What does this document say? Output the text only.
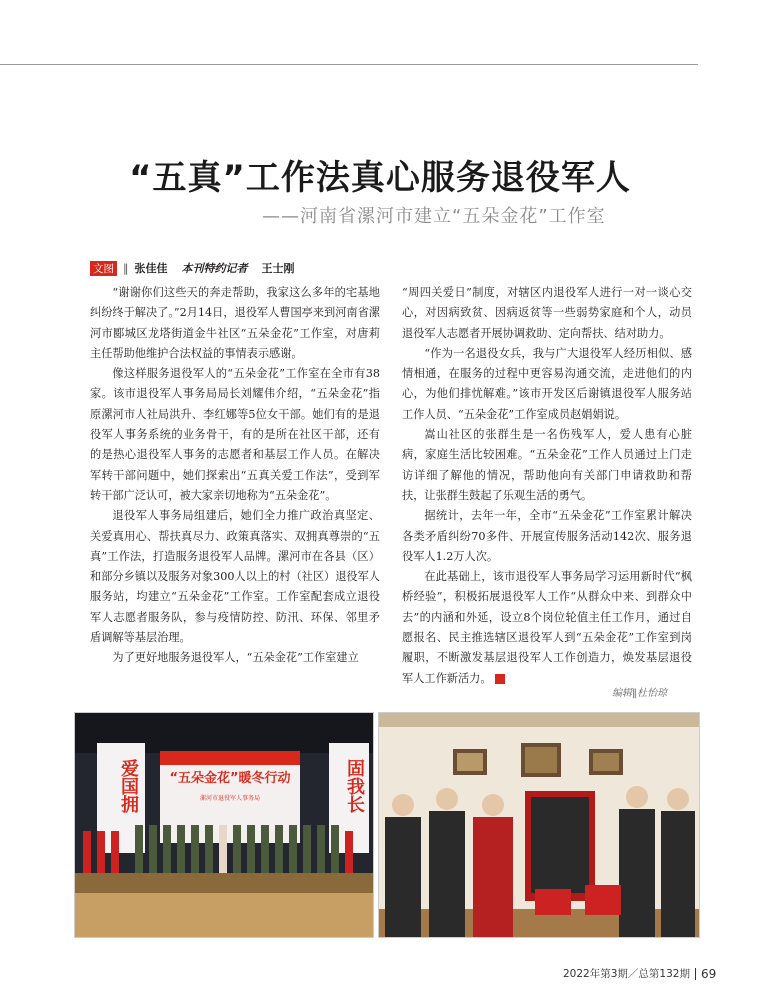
“五真”工作法真心服务退役军人
——河南省漯河市建立“五朵金花”工作室
文图 ‖ 张佳佳 本刊特约记者 王士刚

“谢谢你们这些天的奔走帮助，我家这么多年的宅基地纠纷终于解决了。”2月14日，退役军人曹国亭来到河南省漯河市郾城区龙塔街道金牛社区“五朵金花”工作室，对唐莉主任帮助他维护合法权益的事情表示感谢。

像这样服务退役军人的“五朵金花”工作室在全市有38家。该市退役军人事务局局长刘耀伟介绍，“五朵金花”指原漯河市人社局洪升、李红娜等5位女干部。她们有的是退役军人事务系统的业务骨干，有的是所在社区干部，还有的是热心退役军人事务的志愿者和基层工作人员。在解决军转干部问题中，她们探索出“五真关爱工作法”，受到军转干部广泛认可，被大家亲切地称为“五朵金花”。

退役军人事务局组建后，她们全力推广政治真坚定、关爱真用心、帮扶真尽力、政策真落实、双拥真尊崇的“五真”工作法，打造服务退役军人品牌。漯河市在各县（区）和部分乡镇以及服务对象300人以上的村（社区）退役军人服务站，均建立“五朵金花”工作室。工作室配套成立退役军人志愿者服务队，参与疫情防控、防汛、环保、邻里矛盾调解等基层治理。

为了更好地服务退役军人，“五朵金花”工作室建立

“周四关爱日”制度，对辖区内退役军人进行一对一谈心交心，对因病致贫、因病返贫等一些弱势家庭和个人，动员退役军人志愿者开展协调救助、定向帮扶、结对助力。

“作为一名退役女兵，我与广大退役军人经历相似、感情相通，在服务的过程中更容易沟通交流，走进他们的内心，为他们排忧解难。”该市开发区后谢镇退役军人服务站工作人员、“五朵金花”工作室成员赵娟娟说。

嵩山社区的张群生是一名伤残军人，爱人患有心脏病，家庭生活比较困难。“五朵金花”工作人员通过上门走访详细了解他的情况，帮助他向有关部门申请救助和帮扶，让张群生鼓起了乐观生活的勇气。

据统计，去年一年，全市“五朵金花”工作室累计解决各类矛盾纠纷70多件、开展宣传服务活动142次、服务退役军人1.2万人次。

在此基础上，该市退役军人事务局学习运用新时代“枫桥经验”，积极拓展退役军人工作“从群众中来、到群众中去”的内涵和外延，设立8个岗位轮值主任工作月，通过自愿报名、民主推选辖区退役军人到“五朵金花”工作室到岗履职，不断激发基层退役军人工作创造力，焕发基层退役军人工作新活力。	G

编辑‖杜怡琼
“五朵金花”暖冬行动
漯河市退役军人事务局
爱国拥	固我长
2022年第3期／总第132期 69
